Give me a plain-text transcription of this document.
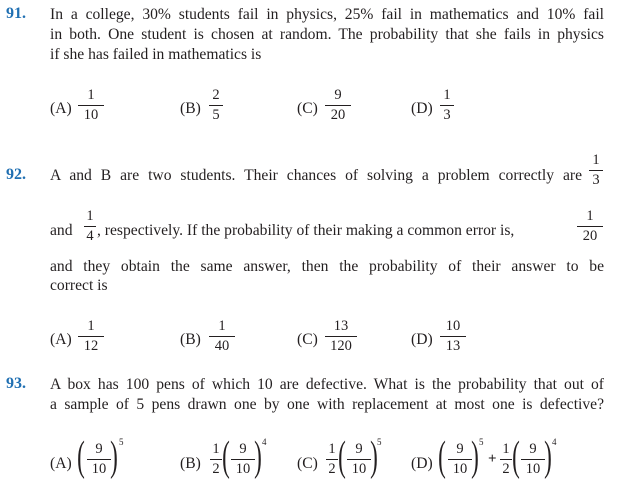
91. In a college, 30% students fail in physics, 25% fail in mathematics and 10% fail
in both. One student is chosen at random. The probability that she fails in physics
if she has failed in mathematics is
(A)
1
10	(B)
2
5	(C)
9
20	(D)
1
3
92. A and B are two students. Their chances of solving a problem correctly are
1
3
and
1
4 , respectively. If the probability of their making a common error is,
1
20
and they obtain the same answer, then the probability of their answer to be
correct is
(A)
1
12	(B)
1
40	(C)
13
120	(D)
10
13
93. A box has 100 pens of which 10 are defective. What is the probability that out of
a sample of 5 pens drawn one by one with replacement at most one is defective?
(A) ( 9
10 ) 5
(B)
1
2 ( 9
10 ) 4
(C)
1
2 ( 9
10 ) 5
(D) ( 9
10 ) 5
+
1
2 ( 9
10 ) 4
